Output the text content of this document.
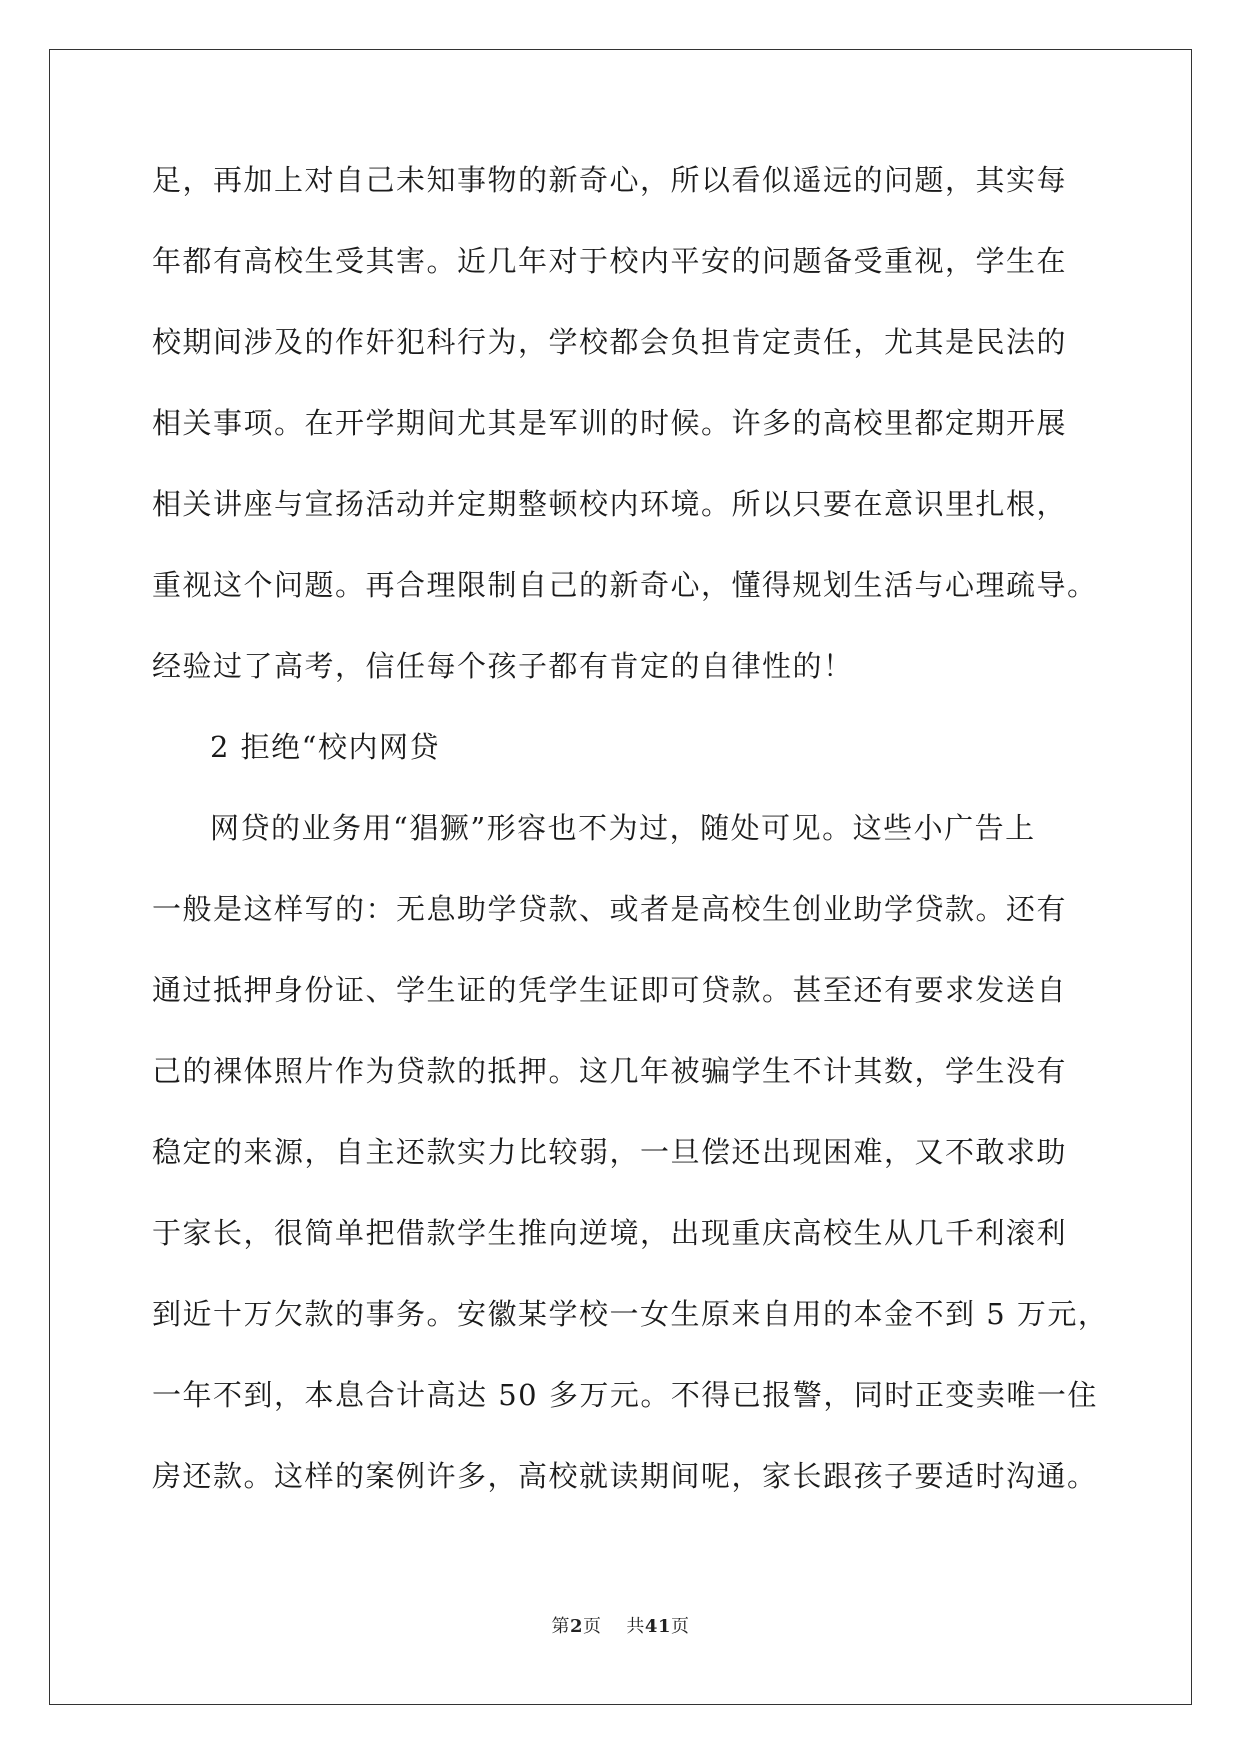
足，再加上对自己未知事物的新奇心，所以看似遥远的问题，其实每
年都有高校生受其害。近几年对于校内平安的问题备受重视，学生在
校期间涉及的作奸犯科行为，学校都会负担肯定责任，尤其是民法的
相关事项。在开学期间尤其是军训的时候。许多的高校里都定期开展
相关讲座与宣扬活动并定期整顿校内环境。所以只要在意识里扎根，
重视这个问题。再合理限制自己的新奇心，懂得规划生活与心理疏导。
经验过了高考，信任每个孩子都有肯定的自律性的！
2 拒绝“校内网贷
网贷的业务用“猖獗”形容也不为过，随处可见。这些小广告上
一般是这样写的：无息助学贷款、或者是高校生创业助学贷款。还有
通过抵押身份证、学生证的凭学生证即可贷款。甚至还有要求发送自
己的裸体照片作为贷款的抵押。这几年被骗学生不计其数，学生没有
稳定的来源，自主还款实力比较弱，一旦偿还出现困难，又不敢求助
于家长，很简单把借款学生推向逆境，出现重庆高校生从几千利滚利
到近十万欠款的事务。安徽某学校一女生原来自用的本金不到 5 万元，
一年不到，本息合计高达 50 多万元。不得已报警，同时正变卖唯一住
房还款。这样的案例许多，高校就读期间呢，家长跟孩子要适时沟通。
第2页 共41页
